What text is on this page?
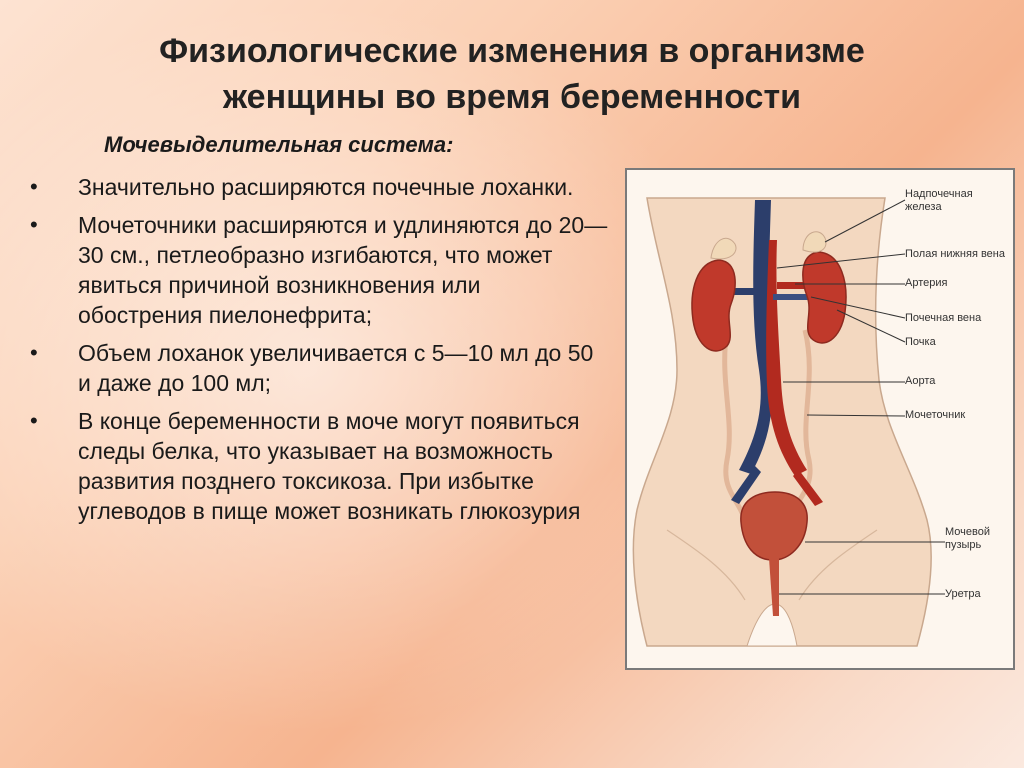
Физиологические изменения в организме
женщины во время беременности
Мочевыделительная система:
• Значительно расширяются почечные лоханки.
• Мочеточники расширяются и удлиняются до 20—30 см., петлеобразно изгибаются, что может явиться причиной возникновения или обострения пиелонефрита;
• Объем лоханок увеличивается с 5—10 мл до 50 и даже до 100 мл;
• В конце беременности в моче могут появиться следы белка, что указывает на возможность развития позднего токсикоза. При избытке углеводов в пище может возникать глюкозурия
Надпочечная
железа
Полая нижняя вена
Артерия
Почечная вена
Почка
Аорта
Мочеточник
Мочевой
пузырь
Уретра
